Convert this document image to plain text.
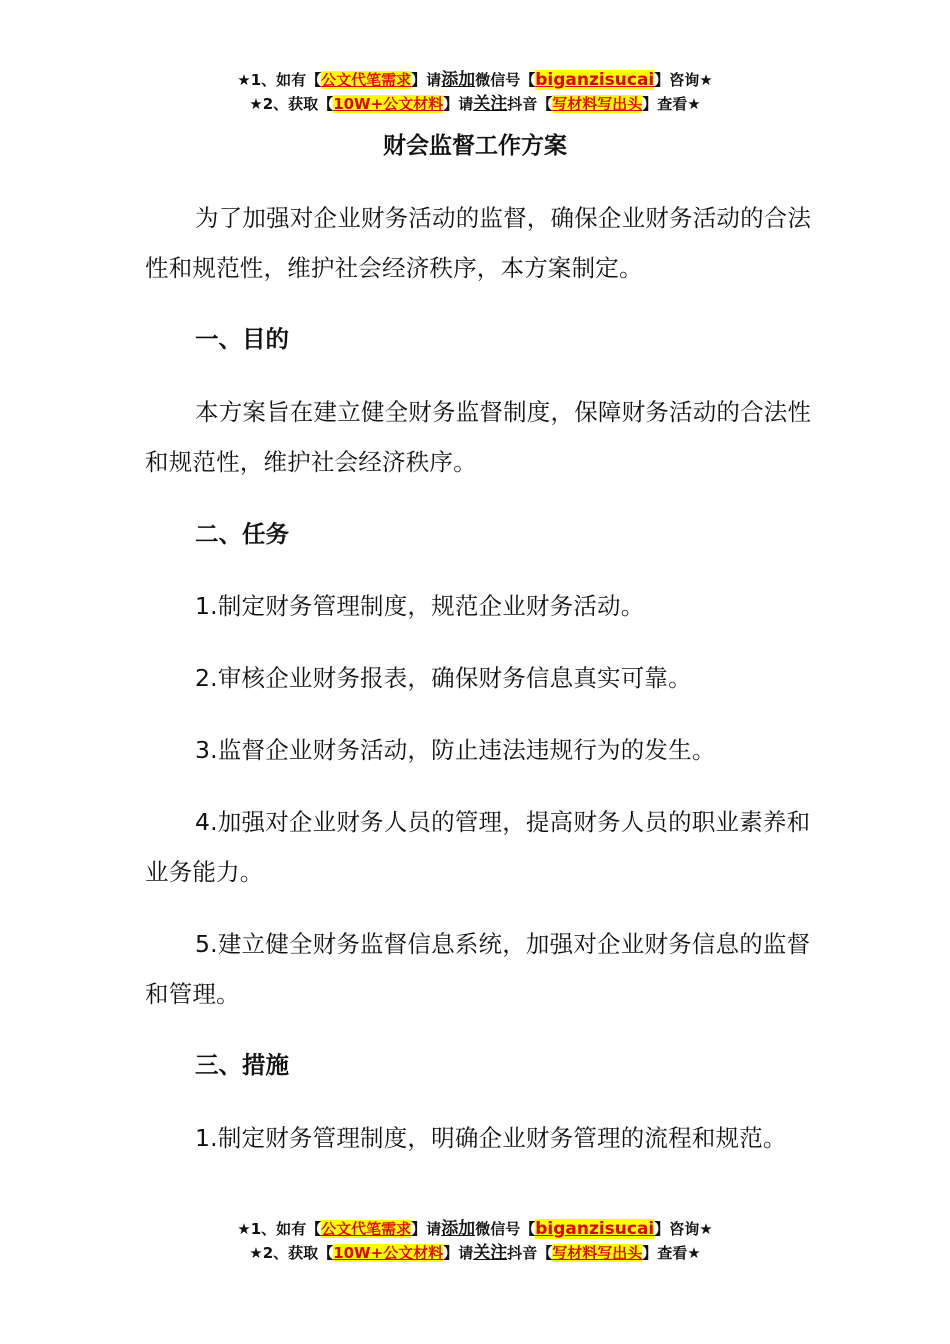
★1、如有【公文代笔需求】请添加微信号【biganzisucai】咨询★
★2、获取【10W+公文材料】请关注抖音【写材料写出头】查看★
财会监督工作方案

为了加强对企业财务活动的监督，确保企业财务活动的合法性和规范性，维护社会经济秩序，本方案制定。

一、目的

本方案旨在建立健全财务监督制度，保障财务活动的合法性和规范性，维护社会经济秩序。

二、任务

1.制定财务管理制度，规范企业财务活动。

2.审核企业财务报表，确保财务信息真实可靠。

3.监督企业财务活动，防止违法违规行为的发生。

4.加强对企业财务人员的管理，提高财务人员的职业素养和业务能力。

5.建立健全财务监督信息系统，加强对企业财务信息的监督和管理。

三、措施

1.制定财务管理制度，明确企业财务管理的流程和规范。

★1、如有【公文代笔需求】请添加微信号【biganzisucai】咨询★
★2、获取【10W+公文材料】请关注抖音【写材料写出头】查看★
